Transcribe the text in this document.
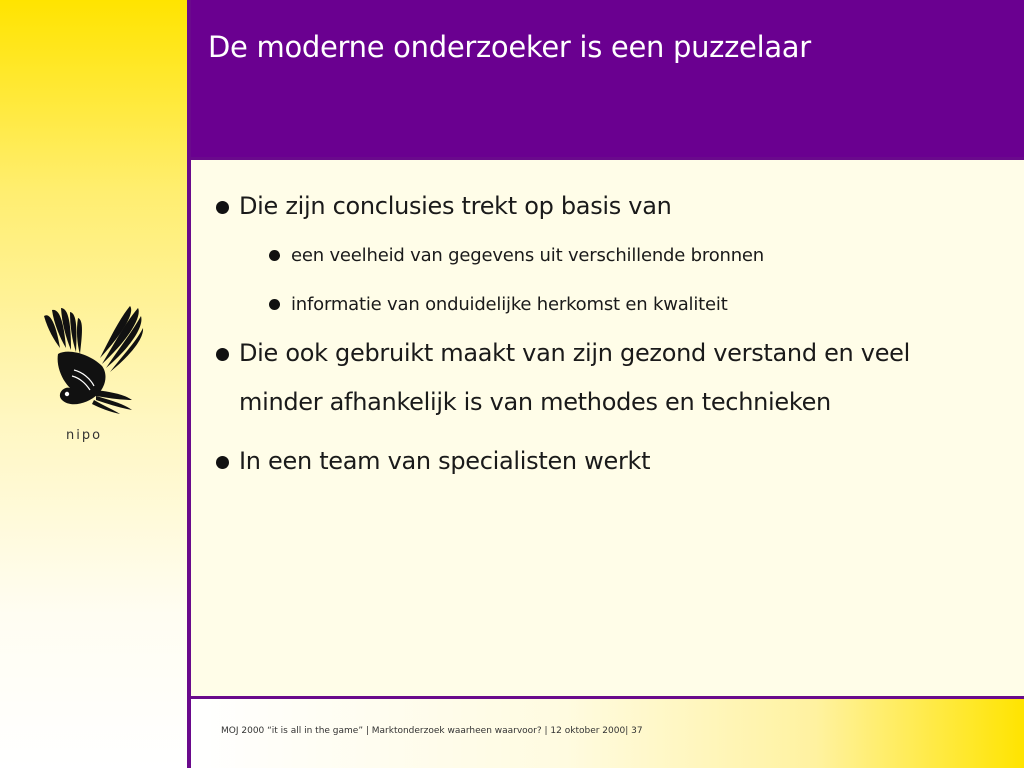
nipo
De moderne onderzoeker is een puzzelaar
Die zijn conclusies trekt op basis van
een veelheid van gegevens uit verschillende bronnen
informatie van onduidelijke herkomst en kwaliteit
Die ook gebruikt maakt van zijn gezond verstand en veel minder afhankelijk is van methodes en technieken
In een team van specialisten werkt
MOJ 2000 “it is all in the game” | Marktonderzoek waarheen waarvoor? | 12 oktober 2000| 37
